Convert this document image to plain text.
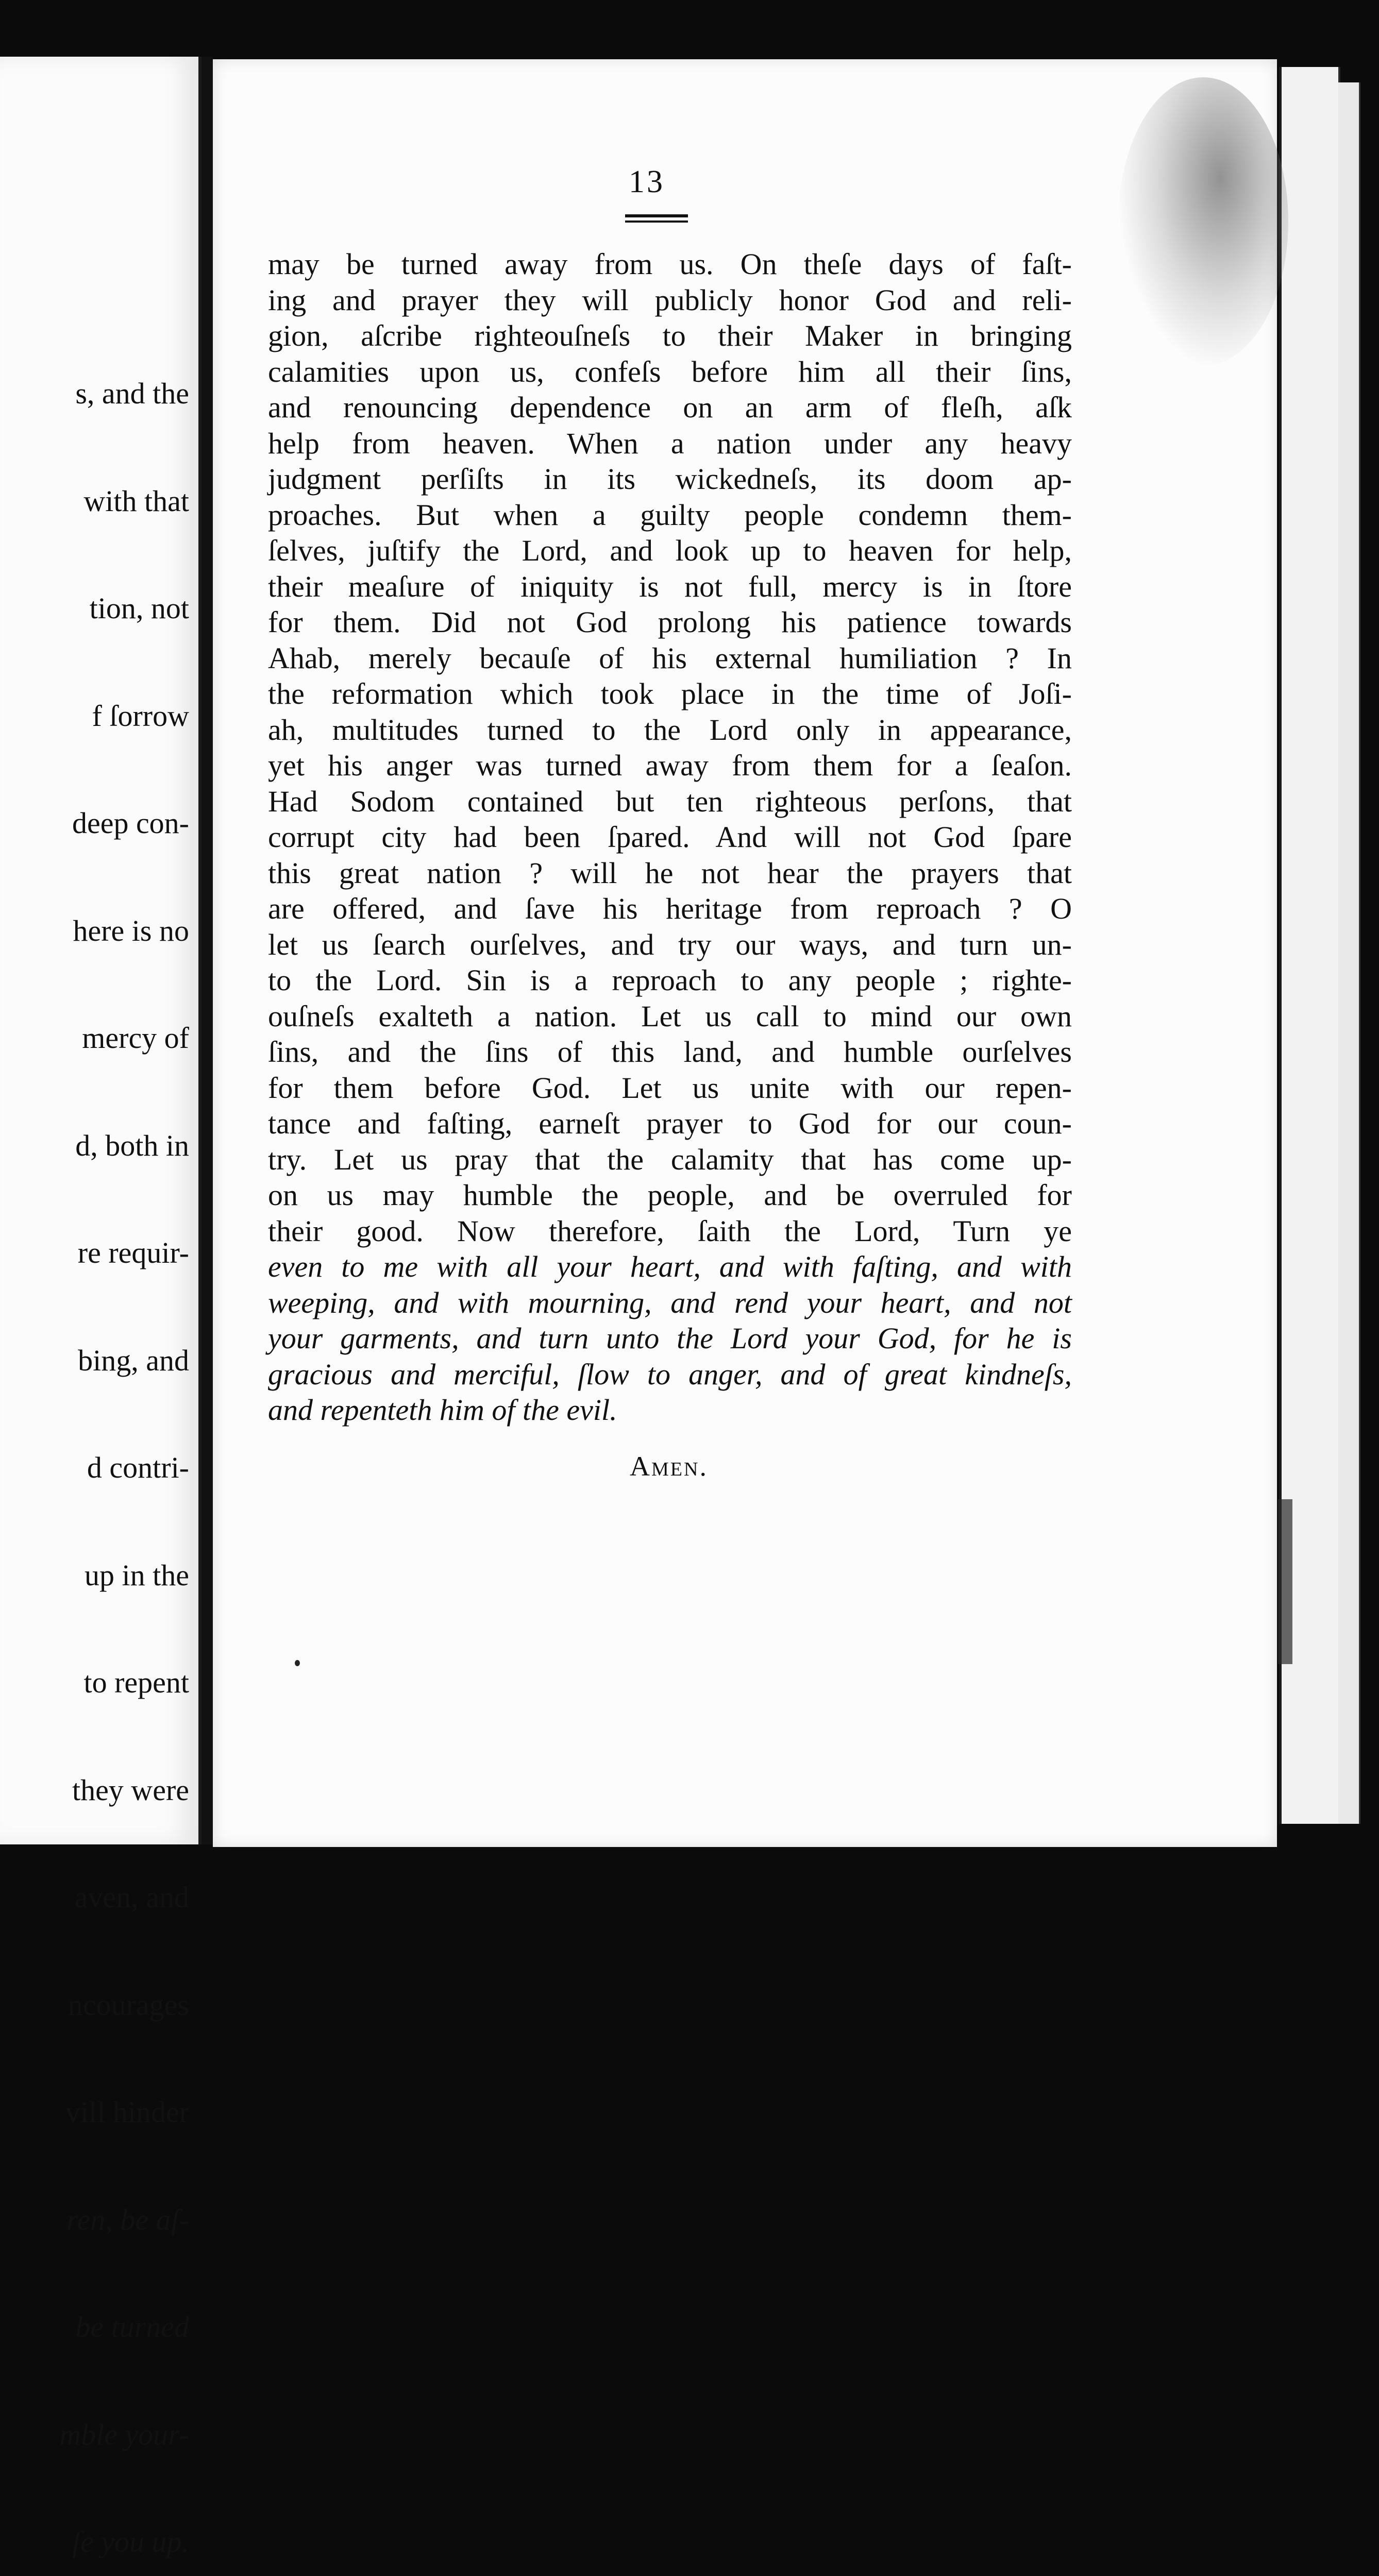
s, and the

with that

tion, not

f ſorrow

deep con-

here is no

mercy of

d, both in

re requir-

bing, and

d contri-

up in the

to repent

they were

aven, and

ncourages

vill hinder

ren, be aſ-

be turned

mble your-

ſe you up.

13
may be turned away from us. On theſe days of faſt-
ing and prayer they will publicly honor God and reli-
gion, aſcribe righteouſneſs to their Maker in bringing
calamities upon us, confeſs before him all their ſins,
and renouncing dependence on an arm of fleſh, aſk
help from heaven. When a nation under any heavy
judgment perſiſts in its wickedneſs, its doom ap-
proaches. But when a guilty people condemn them-
ſelves, juſtify the Lord, and look up to heaven for help,
their meaſure of iniquity is not full, mercy is in ſtore
for them. Did not God prolong his patience towards
Ahab, merely becauſe of his external humiliation ? In
the reformation which took place in the time of Joſi-
ah, multitudes turned to the Lord only in appearance,
yet his anger was turned away from them for a ſeaſon.
Had Sodom contained but ten righteous perſons, that
corrupt city had been ſpared. And will not God ſpare
this great nation ? will he not hear the prayers that
are offered, and ſave his heritage from reproach ? O
let us ſearch ourſelves, and try our ways, and turn un-
to the Lord. Sin is a reproach to any people ; righte-
ouſneſs exalteth a nation. Let us call to mind our own
ſins, and the ſins of this land, and humble ourſelves
for them before God. Let us unite with our repen-
tance and faſting, earneſt prayer to God for our coun-
try. Let us pray that the calamity that has come up-
on us may humble the people, and be overruled for
their good. Now therefore, ſaith the Lord, Turn ye
even to me with all your heart, and with faſting, and with
weeping, and with mourning, and rend your heart, and not
your garments, and turn unto the Lord your God, for he is
gracious and merciful, ſlow to anger, and of great kindneſs,
and repenteth him of the evil.
Amen.
